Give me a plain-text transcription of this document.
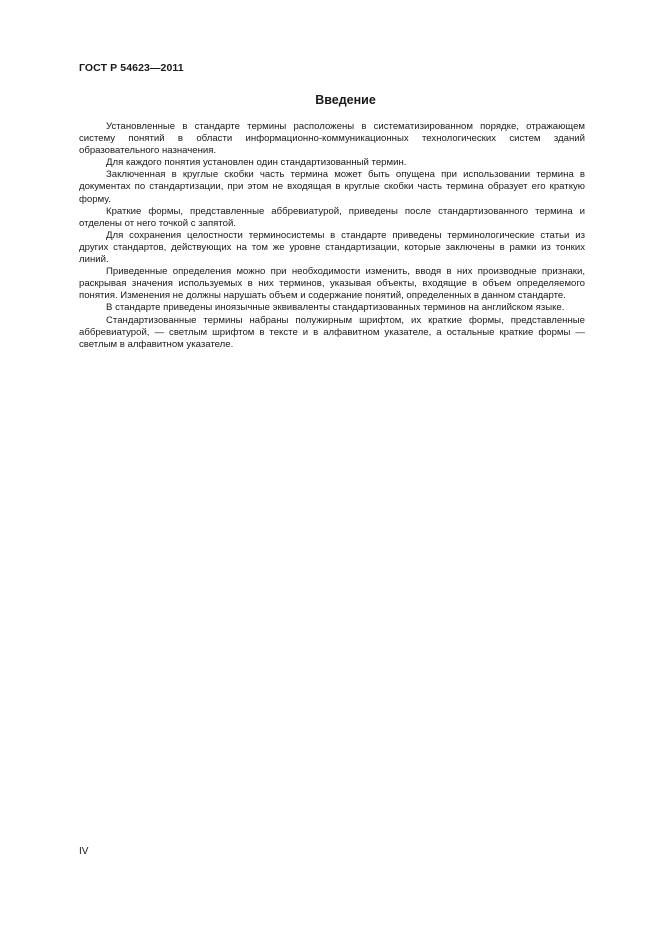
ГОСТ Р 54623—2011
Введение

Установленные в стандарте термины расположены в систематизированном порядке, отражающем систему понятий в области информационно-коммуникационных технологических систем зданий образовательного назначения.

Для каждого понятия установлен один стандартизованный термин.

Заключенная в круглые скобки часть термина может быть опущена при использовании термина в документах по стандартизации, при этом не входящая в круглые скобки часть термина образует его краткую форму.

Краткие формы, представленные аббревиатурой, приведены после стандартизованного термина и отделены от него точкой с запятой.

Для сохранения целостности терминосистемы в стандарте приведены терминологические статьи из других стандартов, действующих на том же уровне стандартизации, которые заключены в рамки из тонких линий.

Приведенные определения можно при необходимости изменить, вводя в них производные признаки, раскрывая значения используемых в них терминов, указывая объекты, входящие в объем определяемого понятия. Изменения не должны нарушать объем и содержание понятий, определенных в данном стандарте.

В стандарте приведены иноязычные эквиваленты стандартизованных терминов на английском языке.

Стандартизованные термины набраны полужирным шрифтом, их краткие формы, представленные аббревиатурой, — светлым шрифтом в тексте и в алфавитном указателе, а остальные краткие формы — светлым в алфавитном указателе.

IV
